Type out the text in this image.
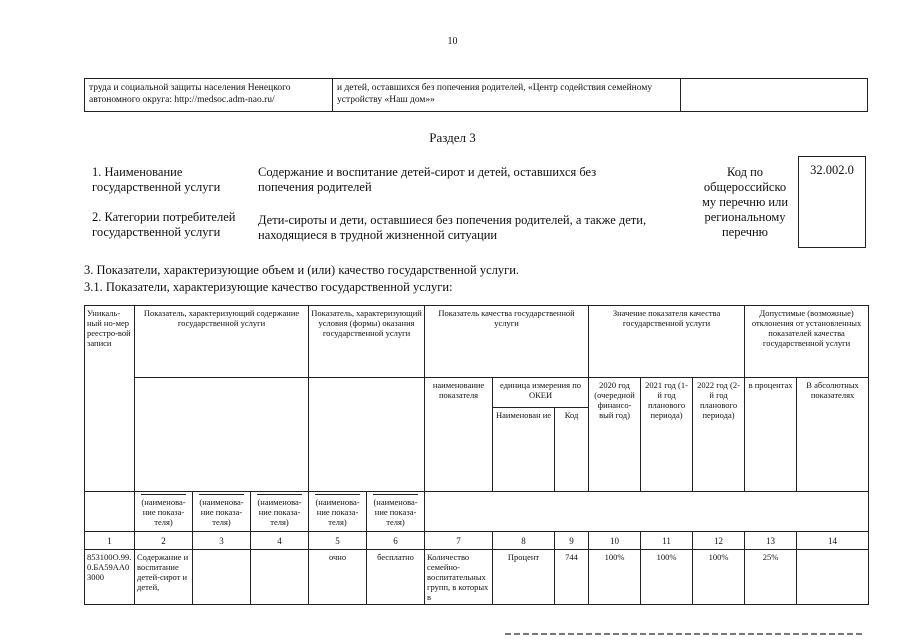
10
труда и социальной защиты населения Ненецкого автономного округа: http://medsoc.adm-nao.ru/
и детей, оставшихся без попечения родителей, «Центр содействия семейному устройству «Наш дом»»
Раздел 3
1. Наименование
государственной услуги
Содержание и воспитание детей-сирот и детей, оставшихся без
попечения родителей
2. Категории потребителей
государственной услуги
Дети-сироты и дети, оставшиеся без попечения родителей, а также дети,
находящиеся в трудной жизненной ситуации
Код по
общероссийско
му перечню или
региональному
перечню
32.002.0
3. Показатели, характеризующие объем и (или) качество государственной услуги.
3.1. Показатели, характеризующие качество государственной услуги:
Уникаль-ный но-мер реестро-вой записи	Показатель, характеризующий содержание государственной услуги			Показатель, характеризующий условия (формы) оказания государственной услуги		Показатель качества государственной услуги			Значение показателя качества государственной услуги			Допустимые (возможные) отклонения от установленных показателей качества государственной услуги	
						наименование показателя	единица измерения по ОКЕИ		2020 год (очередной финансо-вый год)	2021 год (1-й год планового периода)	2022 год (2-й год планового периода)	в процентах	В абсолютных показателях
							Наименован ие	Код					

	(наименова-ние показа-теля)	(наименова-ние показа-теля)	(наименова-ние показа-теля)	(наименова-ние показа-теля)	(наименова-ние показа-теля)								

1	2	3	4	5	6	7	8	9	10	11	12	13	14
853100О.99.0.БА59АА03000	Содержание и воспитание детей-сирот и детей,			очно	бесплатно	Количество семейно-воспитательных групп, в которых в	Процент	744	100%	100%	100%	25%	
